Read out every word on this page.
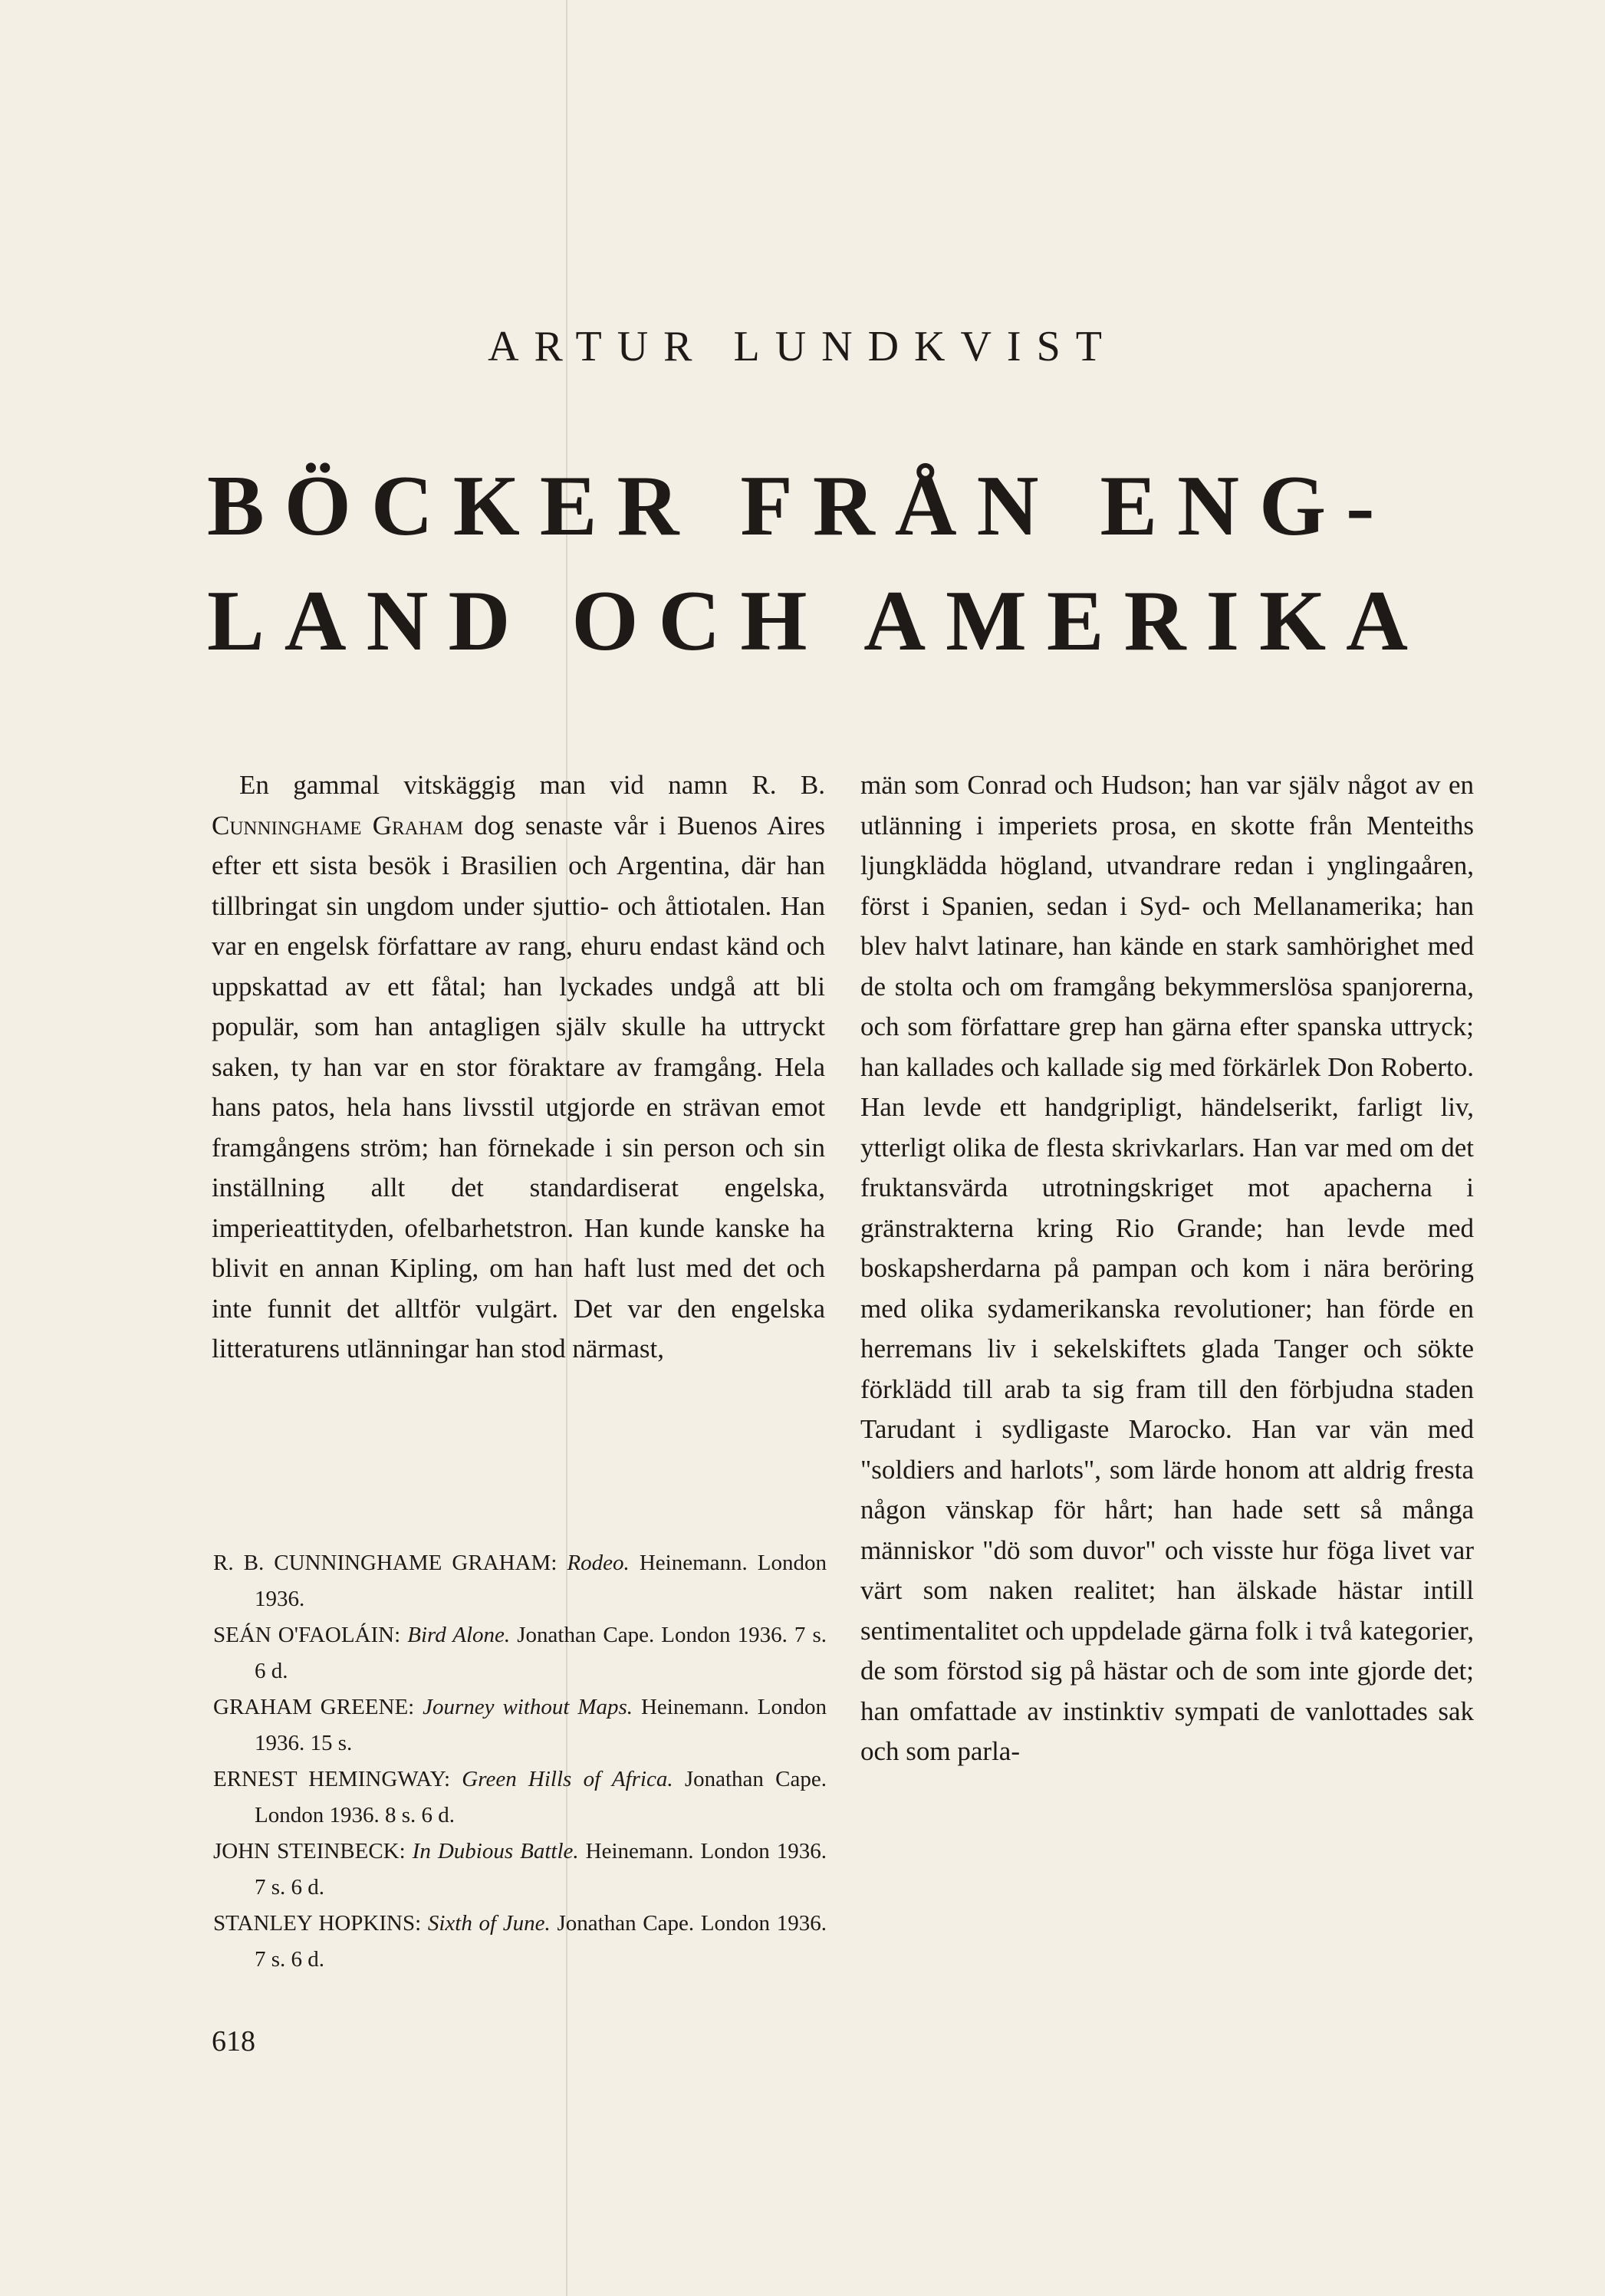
ARTUR LUNDKVIST
BÖCKER FRÅN ENG-
LAND OCH AMERIKA

En gammal vitskäggig man vid namn R. B. Cunninghame Graham dog senaste vår i Buenos Aires efter ett sista besök i Brasilien och Argentina, där han tillbringat sin ungdom under sjuttio- och åttiotalen. Han var en engelsk författare av rang, ehuru endast känd och uppskattad av ett fåtal; han lyckades undgå att bli populär, som han antagligen själv skulle ha uttryckt saken, ty han var en stor föraktare av framgång. Hela hans patos, hela hans livsstil utgjorde en strävan emot framgångens ström; han förnekade i sin person och sin inställning allt det standardiserat engelska, imperieattityden, ofelbarhetstron. Han kunde kanske ha blivit en annan Kipling, om han haft lust med det och inte funnit det alltför vulgärt. Det var den engelska litteraturens utlänningar han stod närmast,

R. B. CUNNINGHAME GRAHAM: Rodeo. Heinemann. London 1936.
SEÁN O'FAOLÁIN: Bird Alone. Jonathan Cape. London 1936. 7 s. 6 d.
GRAHAM GREENE: Journey without Maps. Heinemann. London 1936. 15 s.
ERNEST HEMINGWAY: Green Hills of Africa. Jonathan Cape. London 1936. 8 s. 6 d.
JOHN STEINBECK: In Dubious Battle. Heinemann. London 1936. 7 s. 6 d.
STANLEY HOPKINS: Sixth of June. Jonathan Cape. London 1936. 7 s. 6 d.

män som Conrad och Hudson; han var själv något av en utlänning i imperiets prosa, en skotte från Menteiths ljungklädda högland, utvandrare redan i ynglingaåren, först i Spanien, sedan i Syd- och Mellanamerika; han blev halvt latinare, han kände en stark samhörighet med de stolta och om framgång bekymmerslösa spanjorerna, och som författare grep han gärna efter spanska uttryck; han kallades och kallade sig med förkärlek Don Roberto. Han levde ett handgripligt, händelserikt, farligt liv, ytterligt olika de flesta skrivkarlars. Han var med om det fruktansvärda utrotningskriget mot apacherna i gränstrakterna kring Rio Grande; han levde med boskapsherdarna på pampan och kom i nära beröring med olika sydamerikanska revolutioner; han förde en herremans liv i sekelskiftets glada Tanger och sökte förklädd till arab ta sig fram till den förbjudna staden Tarudant i sydligaste Marocko. Han var vän med "soldiers and harlots", som lärde honom att aldrig fresta någon vänskap för hårt; han hade sett så många människor "dö som duvor" och visste hur föga livet var värt som naken realitet; han älskade hästar intill sentimentalitet och uppdelade gärna folk i två kategorier, de som förstod sig på hästar och de som inte gjorde det; han omfattade av instinktiv sympati de vanlottades sak och som parla-

618
